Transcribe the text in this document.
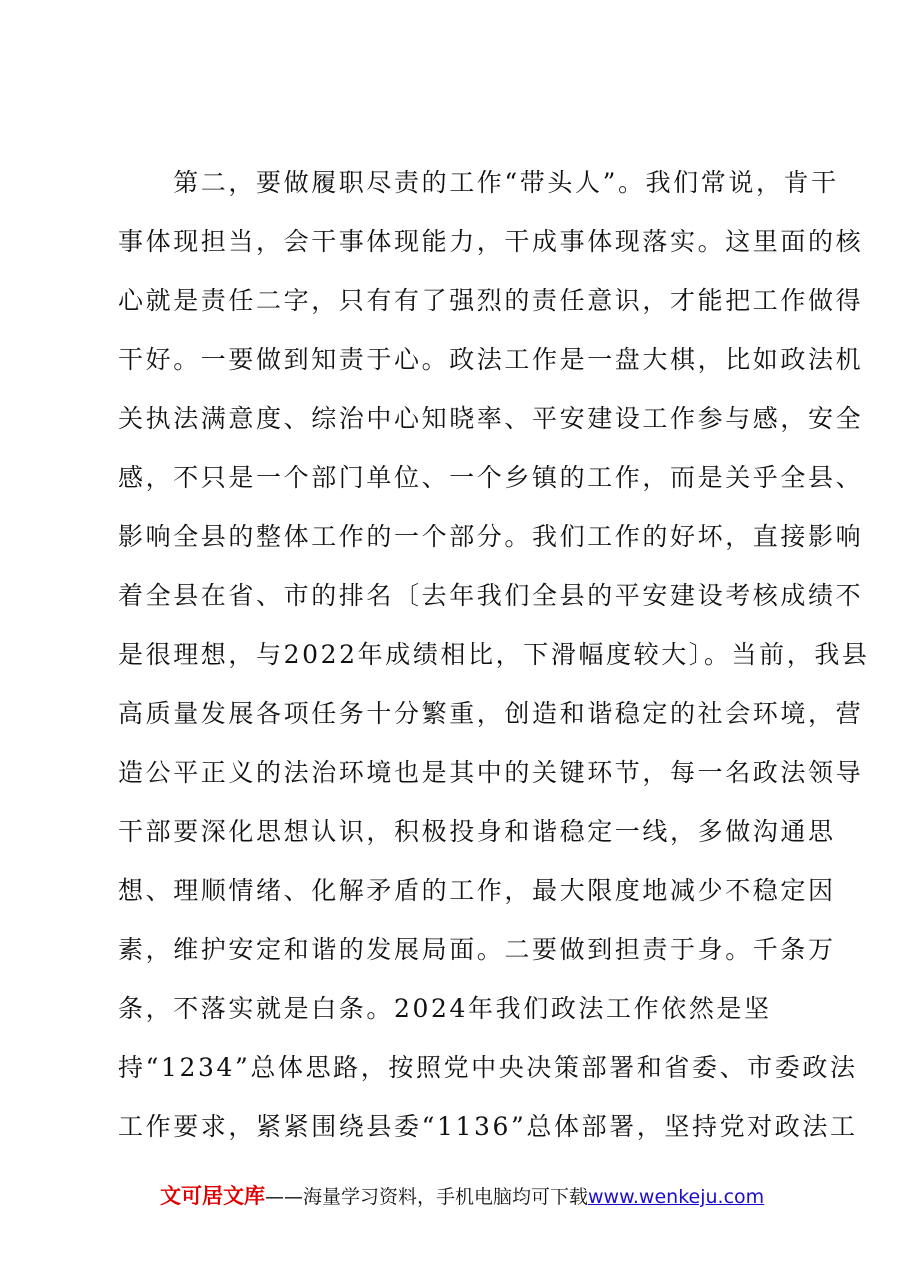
　　第二，要做履职尽责的工作“带头人”。我们常说，肯干
事体现担当，会干事体现能力，干成事体现落实。这里面的核
心就是责任二字，只有有了强烈的责任意识，才能把工作做得
干好。一要做到知责于心。政法工作是一盘大棋，比如政法机
关执法满意度、综治中心知晓率、平安建设工作参与感，安全
感，不只是一个部门单位、一个乡镇的工作，而是关乎全县、
影响全县的整体工作的一个部分。我们工作的好坏，直接影响
着全县在省、市的排名〔去年我们全县的平安建设考核成绩不
是很理想，与2022年成绩相比，下滑幅度较大〕。当前，我县
高质量发展各项任务十分繁重，创造和谐稳定的社会环境，营
造公平正义的法治环境也是其中的关键环节，每一名政法领导
干部要深化思想认识，积极投身和谐稳定一线，多做沟通思
想、理顺情绪、化解矛盾的工作，最大限度地减少不稳定因
素，维护安定和谐的发展局面。二要做到担责于身。千条万
条，不落实就是白条。2024年我们政法工作依然是坚
持“1234”总体思路，按照党中央决策部署和省委、市委政法
工作要求，紧紧围绕县委“1136”总体部署，坚持党对政法工
文可居文库——海量学习资料，手机电脑均可下载www.wenkeju.com
